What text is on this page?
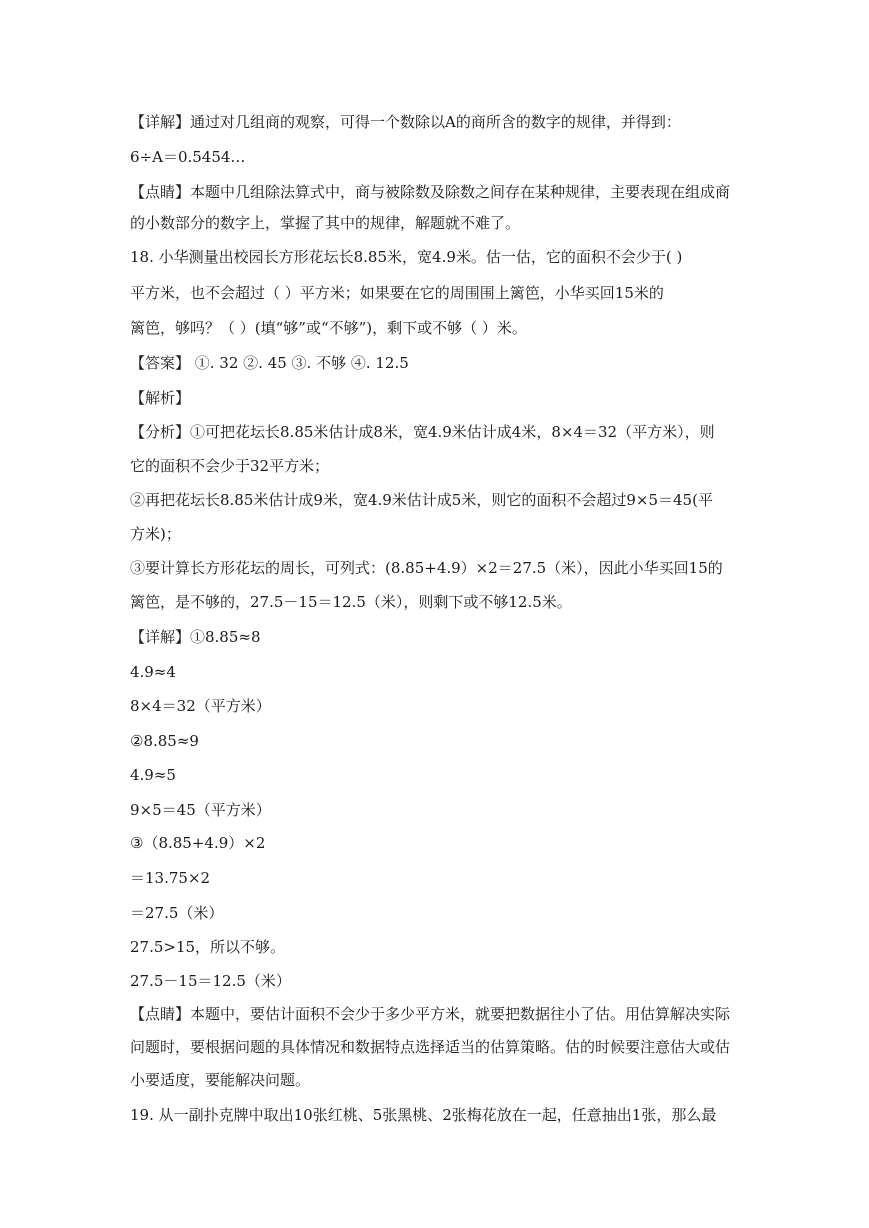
【详解】通过对几组商的观察，可得一个数除以A的商所含的数字的规律，并得到：
6÷A＝0.5454…
【点睛】本题中几组除法算式中，商与被除数及除数之间存在某种规律，主要表现在组成商
的小数部分的数字上，掌握了其中的规律，解题就不难了。
18. 小华测量出校园长方形花坛长8.85米，宽4.9米。估一估，它的面积不会少于( )
平方米，也不会超过（ ）平方米；如果要在它的周围围上篱笆，小华买回15米的
篱笆，够吗？（ ）(填“够”或“不够”)，剩下或不够（ ）米。
【答案】 ①. 32 ②. 45 ③. 不够 ④. 12.5
【解析】
【分析】①可把花坛长8.85米估计成8米，宽4.9米估计成4米，8×4＝32（平方米），则
它的面积不会少于32平方米；
②再把花坛长8.85米估计成9米，宽4.9米估计成5米，则它的面积不会超过9×5＝45(平
方米)；
③要计算长方形花坛的周长，可列式：(8.85+4.9）×2＝27.5（米），因此小华买回15的
篱笆，是不够的，27.5－15＝12.5（米），则剩下或不够12.5米。
【详解】①8.85≈8
4.9≈4
8×4＝32（平方米）
②8.85≈9
4.9≈5
9×5＝45（平方米）
③（8.85+4.9）×2
＝13.75×2
＝27.5（米）
27.5>15，所以不够。
27.5－15＝12.5（米）
【点睛】本题中，要估计面积不会少于多少平方米，就要把数据往小了估。用估算解决实际
问题时，要根据问题的具体情况和数据特点选择适当的估算策略。估的时候要注意估大或估
小要适度，要能解决问题。
19. 从一副扑克牌中取出10张红桃、5张黑桃、2张梅花放在一起，任意抽出1张，那么最
